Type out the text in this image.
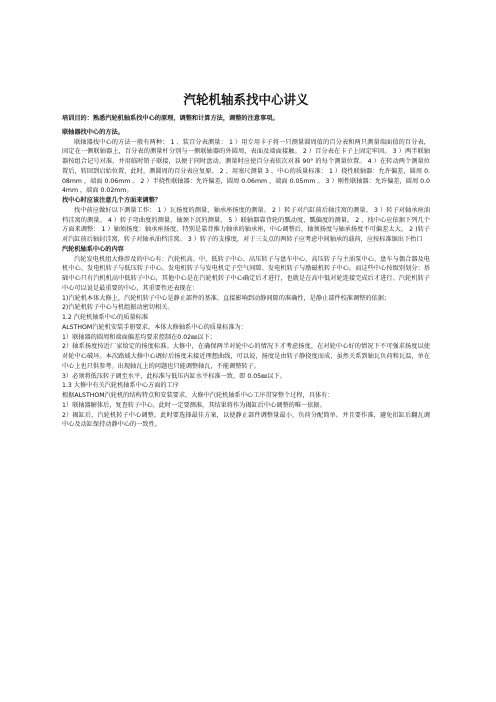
汽轮机轴系找中心讲义
培训目的：熟悉汽轮机轴系找中心的原理，调整和计算方法，调整的注意事项。
联轴器找中心的方法。
联轴器找中心的方法一般有两种： 1 、装百分表测量： 1 ）用专用卡子将一只测量圆周值的百分表和两只测量端面值的百分表，固定在一侧联轴器上，百分表的测量杆分别与一侧联轴器的外圆周，表面及端面接触。 2 ）百分表在卡子上固定牢固。 3 ）两半联轴器按组合记号对准，并用临时销子联接，以便于同时盘动。测量时应使百分表依次对准 90° 的每个测量位置。 4 ）在转动两个测量位置后，转回到启始位置，此时，测圆周的百分表应复原。 2 、用塞尺测量 3 、中心的质量标准： 1 ）挠性联轴器：允许偏差，圆周 0.08mm ，端面 0.06mm 。 2 ）半挠性联轴器：允许偏差，圆周 0.06mm ，端面 0.05mm 。 3 ）刚性联轴器：允许偏差，圆周 0.04mm ，端面 0.02mm。
找中心时应该注意几个方面来调整？
找中前应做好以下测量工作： 1 ）瓦扬度的测量、轴承座扬度的测量。 2 ）转子对汽缸前后轴洼窝的测量。 3 ）转子对轴承座油档洼窝的测量。 4 ）转子弯曲度的测量，轴颈下沉的测量。 5 ）联轴器靠背轮的瓢动度，瓢偏度的测量。 2 、找中心应依据下列几个方面来调整： 1 ）轴须扬度：轴承座扬度，特别是靠背推力轴承的轴承座，中心调整后，轴须扬度与轴承扬度不可偏差太大。 2 )转子对汽缸前后轴封洼窝，转子对轴承油档洼窝。 3 ）转子的支撑度，对于三支点的两转子应考虑中间轴承的载荷，应按标准锯出下抬口
汽轮机轴系中心的内容
汽轮发电机组大修涉及的中心有：汽轮机高、中、低转子中心、高压转子与盘车中心、高压转子与主油泵中心、盘车与偶合器及电机中心、发电机转子与低压转子中心、发电机转子与发电机定子空气间隙、发电机转子与励磁机转子中心。而这些中心按级别划分：基础中心只有汽机机高中低转子中心，其他中心是在汽轮机转子中心确定后才进行，也就是在高中低对轮连接完成后才进行。汽轮机转子中心可以说是最重要的中心，其重要性还表现在：
1)汽轮机本体大修上，汽轮机转子中心是静止部件的基准，直接影响到动静间隙的准确性，是静止部件校准调整的依据；
2)汽轮机转子中心与机组振动密切相关。
1.2 汽轮机轴系中心的质量标准
ALSTHOM汽轮机安装手册要求，本体大修轴系中心的质量标准为：
1）联轴器的圆周和端面偏差均要求控制在0.02㎜以下；
2）轴系扬度按近厂家给定的扬度标准。大修中，在确保两半对轮中心的情况下才考虑扬度，在对轮中心好的情况下不可强求扬度以使对轮中心破坏。本次路域大修中心调好后扬度未接近理想曲线，可以说，扬度是由转子静挠度而成，虽然关系到轴瓦负荷和瓦温，单在中心上也只供参考。出现轴瓦上的问题也只能调整轴瓦，不能调整转子。
3）必须将低压转子调至水平，此标准与低压内缸水平标准一致，即 0.05㎜以下。
1.3 大修中有关汽轮机轴系中心方面的工序
根据ALSTHOM汽轮机的结构特点和安装要求，大修中汽轮机轴系中心工序贯穿整个过程，具体有：
1）联轴器解体后，复查转子中心。此时一定要测准，其结果将作为揭缸后中心调整的唯一依据。
2）揭缸后，汽轮机转子中心调整。此时要选择最佳方案，以使静止部件调整量最小，负荷分配简单。并且要作准，避免扣缸后翻瓦调中心及动缸保持动静中心的一致性。
